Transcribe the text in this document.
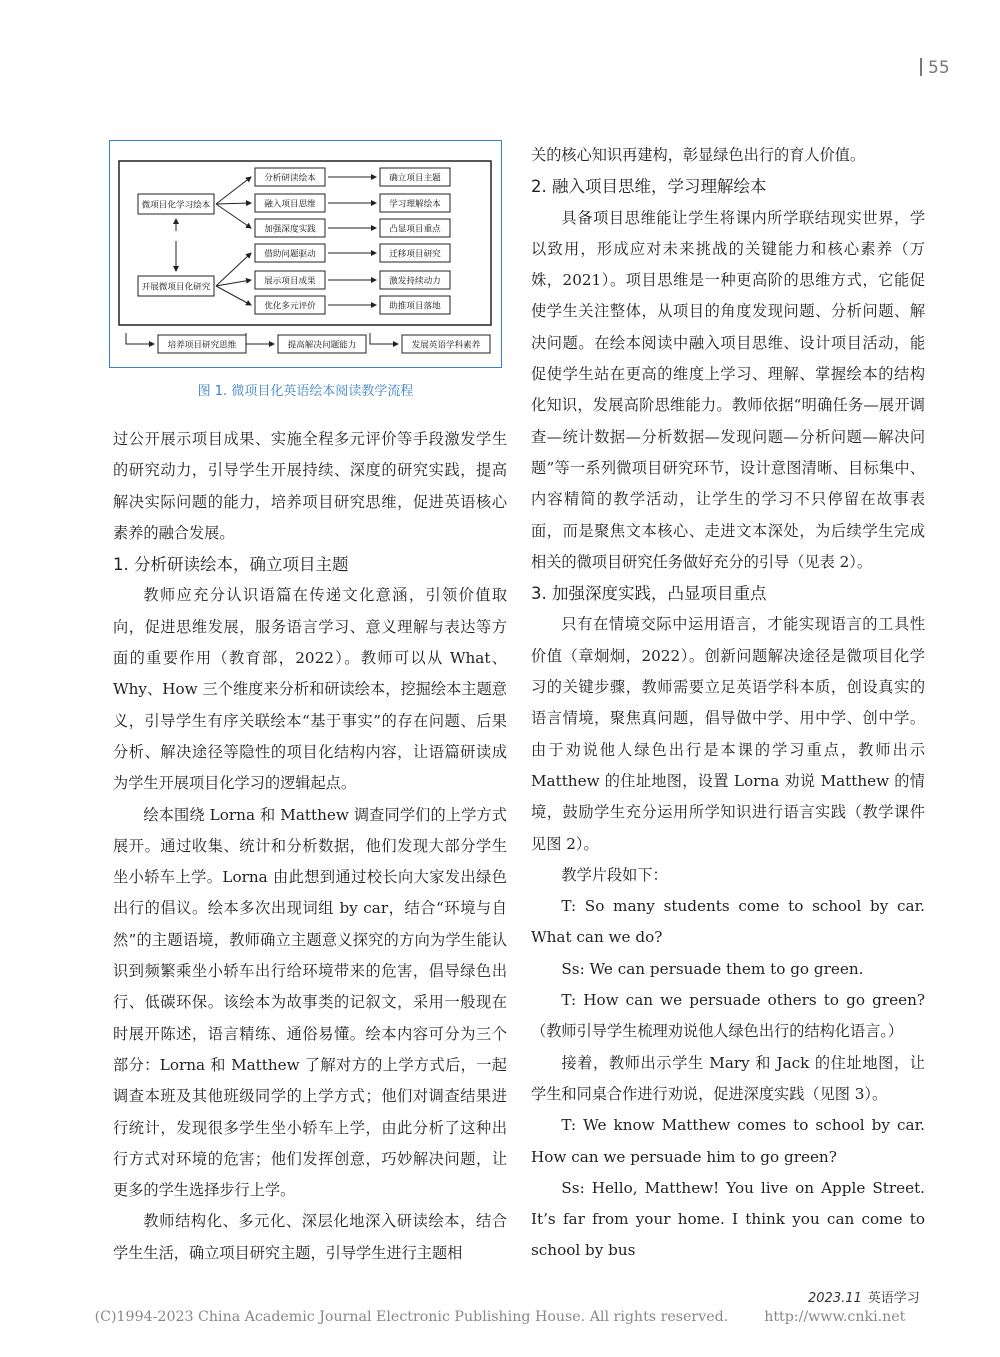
55
微项目化学习绘本
开展微项目化研究
分析研读绘本	确立项目主题
融入项目思维	学习理解绘本
加强深度实践	凸显项目重点
借助问题驱动	迁移项目研究
展示项目成果	激发持续动力
优化多元评价	助推项目落地
培养项目研究思维	提高解决问题能力	发展英语学科素养
图 1. 微项目化英语绘本阅读教学流程

过公开展示项目成果、实施全程多元评价等手段激发学生的研究动力，引导学生开展持续、深度的研究实践，提高解决实际问题的能力，培养项目研究思维，促进英语核心素养的融合发展。

1. 分析研读绘本，确立项目主题

教师应充分认识语篇在传递文化意涵，引领价值取向，促进思维发展，服务语言学习、意义理解与表达等方面的重要作用（教育部，2022）。教师可以从 What、Why、How 三个维度来分析和研读绘本，挖掘绘本主题意义，引导学生有序关联绘本“基于事实”的存在问题、后果分析、解决途径等隐性的项目化结构内容，让语篇研读成为学生开展项目化学习的逻辑起点。

绘本围绕 Lorna 和 Matthew 调查同学们的上学方式展开。通过收集、统计和分析数据，他们发现大部分学生坐小轿车上学。Lorna 由此想到通过校长向大家发出绿色出行的倡议。绘本多次出现词组 by car，结合“环境与自然”的主题语境，教师确立主题意义探究的方向为学生能认识到频繁乘坐小轿车出行给环境带来的危害，倡导绿色出行、低碳环保。该绘本为故事类的记叙文，采用一般现在时展开陈述，语言精练、通俗易懂。绘本内容可分为三个部分：Lorna 和 Matthew 了解对方的上学方式后，一起调查本班及其他班级同学的上学方式；他们对调查结果进行统计，发现很多学生坐小轿车上学，由此分析了这种出行方式对环境的危害；他们发挥创意，巧妙解决问题，让更多的学生选择步行上学。

教师结构化、多元化、深层化地深入研读绘本，结合学生生活，确立项目研究主题，引导学生进行主题相

关的核心知识再建构，彰显绿色出行的育人价值。

2. 融入项目思维，学习理解绘本

具备项目思维能让学生将课内所学联结现实世界，学以致用，形成应对未来挑战的关键能力和核心素养（万姝，2021）。项目思维是一种更高阶的思维方式，它能促使学生关注整体，从项目的角度发现问题、分析问题、解决问题。在绘本阅读中融入项目思维、设计项目活动，能促使学生站在更高的维度上学习、理解、掌握绘本的结构化知识，发展高阶思维能力。教师依据“明确任务—展开调查—统计数据—分析数据—发现问题—分析问题—解决问题”等一系列微项目研究环节，设计意图清晰、目标集中、内容精简的教学活动，让学生的学习不只停留在故事表面，而是聚焦文本核心、走进文本深处，为后续学生完成相关的微项目研究任务做好充分的引导（见表 2）。

3. 加强深度实践，凸显项目重点

只有在情境交际中运用语言，才能实现语言的工具性价值（章炯炯，2022）。创新问题解决途径是微项目化学习的关键步骤，教师需要立足英语学科本质，创设真实的语言情境，聚焦真问题，倡导做中学、用中学、创中学。由于劝说他人绿色出行是本课的学习重点，教师出示 Matthew 的住址地图，设置 Lorna 劝说 Matthew 的情境，鼓励学生充分运用所学知识进行语言实践（教学课件见图 2）。

教学片段如下：

T: So many students come to school by car. What can we do?

Ss: We can persuade them to go green.

T: How can we persuade others to go green?（教师引导学生梳理劝说他人绿色出行的结构化语言。）

接着，教师出示学生 Mary 和 Jack 的住址地图，让学生和同桌合作进行劝说，促进深度实践（见图 3）。

T: We know Matthew comes to school by car. How can we persuade him to go green?

Ss: Hello, Matthew! You live on Apple Street. It’s far from your home. I think you can come to school by bus

2023.11 英语学习
(C)1994-2023 China Academic Journal Electronic Publishing House. All rights reserved.	http://www.cnki.net
